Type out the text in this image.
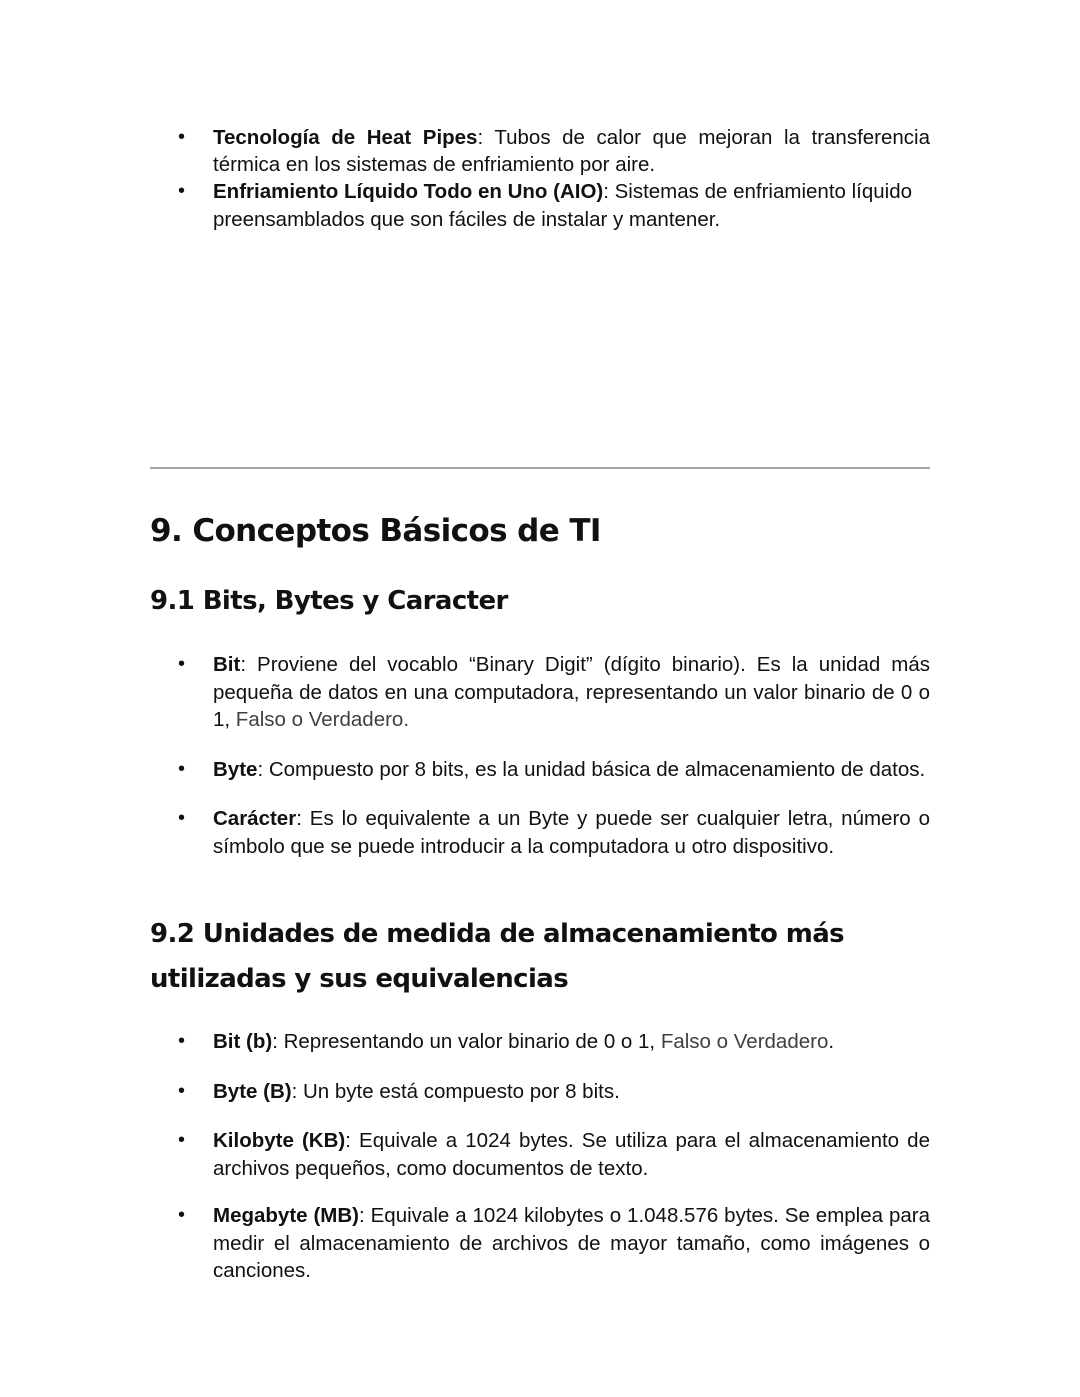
• Tecnología de Heat Pipes: Tubos de calor que mejoran la transferencia térmica en los sistemas de enfriamiento por aire.
• Enfriamiento Líquido Todo en Uno (AIO): Sistemas de enfriamiento líquido preensamblados que son fáciles de instalar y mantener.
9. Conceptos Básicos de TI
9.1 Bits, Bytes y Caracter
• Bit: Proviene del vocablo “Binary Digit” (dígito binario). Es la unidad más pequeña de datos en una computadora, representando un valor binario de 0 o 1, Falso o Verdadero.
• Byte: Compuesto por 8 bits, es la unidad básica de almacenamiento de datos.
• Carácter: Es lo equivalente a un Byte y puede ser cualquier letra, número o símbolo que se puede introducir a la computadora u otro dispositivo.
9.2 Unidades de medida de almacenamiento más
utilizadas y sus equivalencias
• Bit (b): Representando un valor binario de 0 o 1, Falso o Verdadero.
• Byte (B): Un byte está compuesto por 8 bits.
• Kilobyte (KB): Equivale a 1024 bytes. Se utiliza para el almacenamiento de archivos pequeños, como documentos de texto.
• Megabyte (MB): Equivale a 1024 kilobytes o 1.048.576 bytes. Se emplea para medir el almacenamiento de archivos de mayor tamaño, como imágenes o canciones.
